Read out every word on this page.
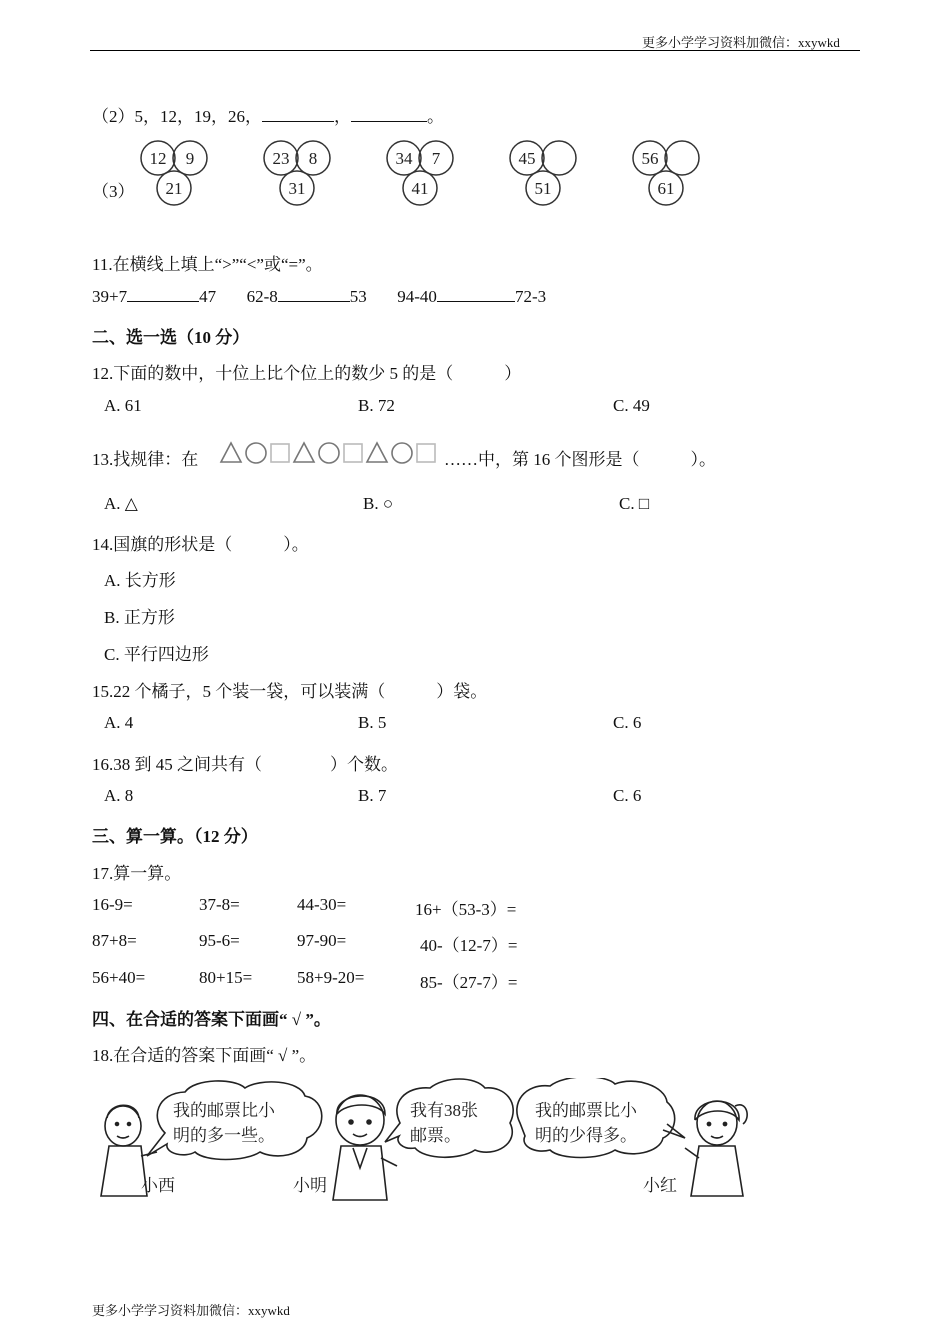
更多小学学习资料加微信：xxywkd
（2）5，12，19，26，	，	。
（3）
12 9
21
23 8
31
34 7
41
45
51
56
61
11.在横线上填上“>”“<”或“=”。
39+7	47 62-8	53 94-40	72-3
二、选一选（10 分）
12.下面的数中，十位上比个位上的数少 5 的是（　　　）
A. 61	B. 72	C. 49
13.找规律：在	……中，第 16 个图形是（　　　）。
A. △	B. ○	C. □
14.国旗的形状是（　　　）。
A. 长方形
B. 正方形
C. 平行四边形
15.22 个橘子，5 个装一袋，可以装满（　　　）袋。
A. 4	B. 5	C. 6
16.38 到 45 之间共有（　　　　）个数。
A. 8	B. 7	C. 6
三、算一算。（12 分）
17.算一算。
16-9=	37-8=	44-30=	16+（53-3）=
87+8=	95-6=	97-90=	40-（12-7）=
56+40=	80+15=	58+9-20=	85-（27-7）=
四、在合适的答案下面画“ √ ”。
18.在合适的答案下面画“ √ ”。
我的邮票比小
明的多一些。
我有38张
邮票。
我的邮票比小
明的少得多。
小西	小明	小红
更多小学学习资料加微信：xxywkd
